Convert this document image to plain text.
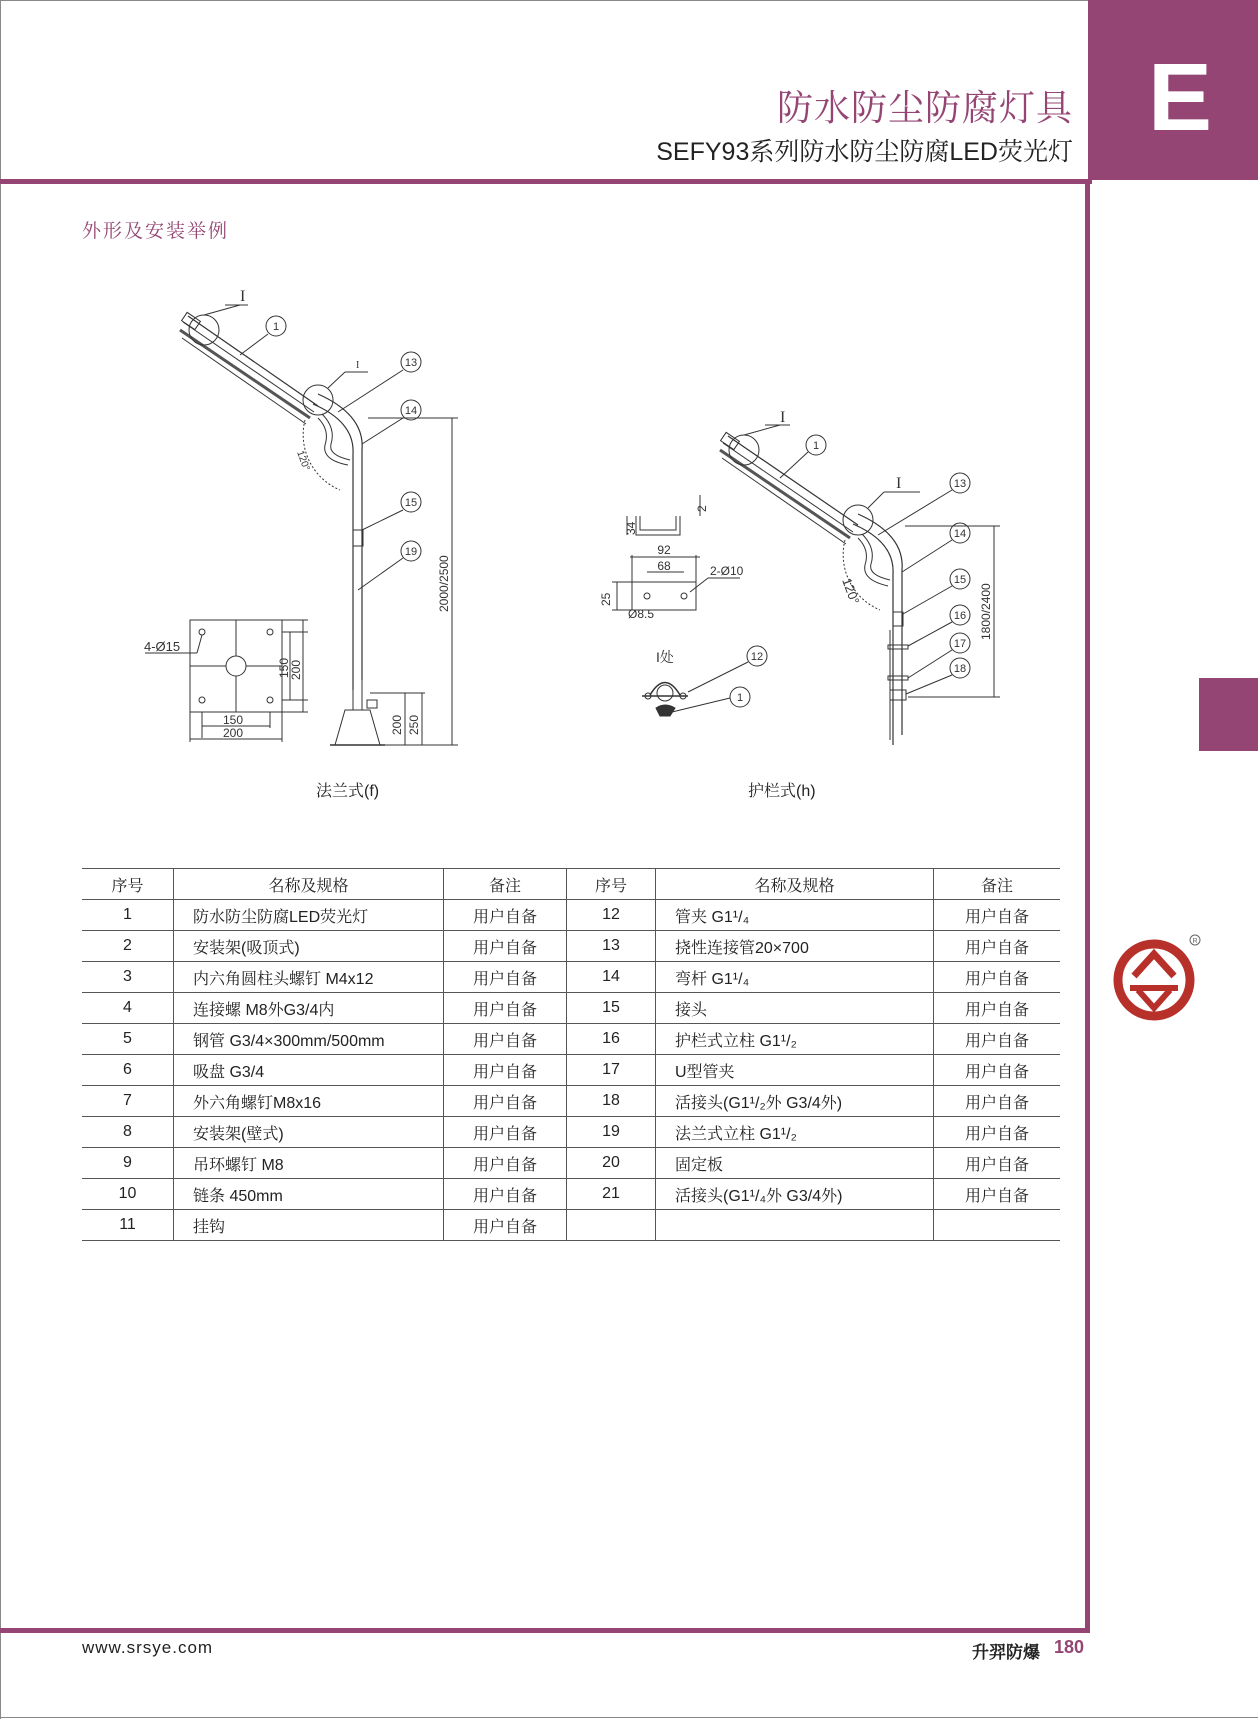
E
防水防尘防腐灯具
SEFY93系列防水防尘防腐LED荧光灯
外形及安装举例
120°
I
I
1
13
14
15
19
2000/2500
200 250
4-Ø15
150
200
150
200
34
2
92
68	2-Ø10
25
Ø8.5
I处	12
1
120°
I
I
1
13
14
15
16
17
18
1800/2400
法兰式(f)	护栏式(h)
序号	名称及规格	备注	序号	名称及规格	备注
1	防水防尘防腐LED荧光灯	用户自备	12	管夹 G1¹/₄	用户自备
2	安装架(吸顶式)	用户自备	13	挠性连接管20×700	用户自备
3	内六角圆柱头螺钉 M4x12	用户自备	14	弯杆 G1¹/₄	用户自备
4	连接螺 M8外G3/4内	用户自备	15	接头	用户自备
5	钢管 G3/4×300mm/500mm	用户自备	16	护栏式立柱 G1¹/₂	用户自备
6	吸盘 G3/4	用户自备	17	U型管夹	用户自备
7	外六角螺钉M8x16	用户自备	18	活接头(G1¹/₂外 G3/4外)	用户自备
8	安装架(壁式)	用户自备	19	法兰式立柱 G1¹/₂	用户自备
9	吊环螺钉 M8	用户自备	20	固定板	用户自备
10	链条 450mm	用户自备	21	活接头(G1¹/₄外 G3/4外)	用户自备
11	挂钩	用户自备			
R
www.srsye.com	升羿防爆 180
